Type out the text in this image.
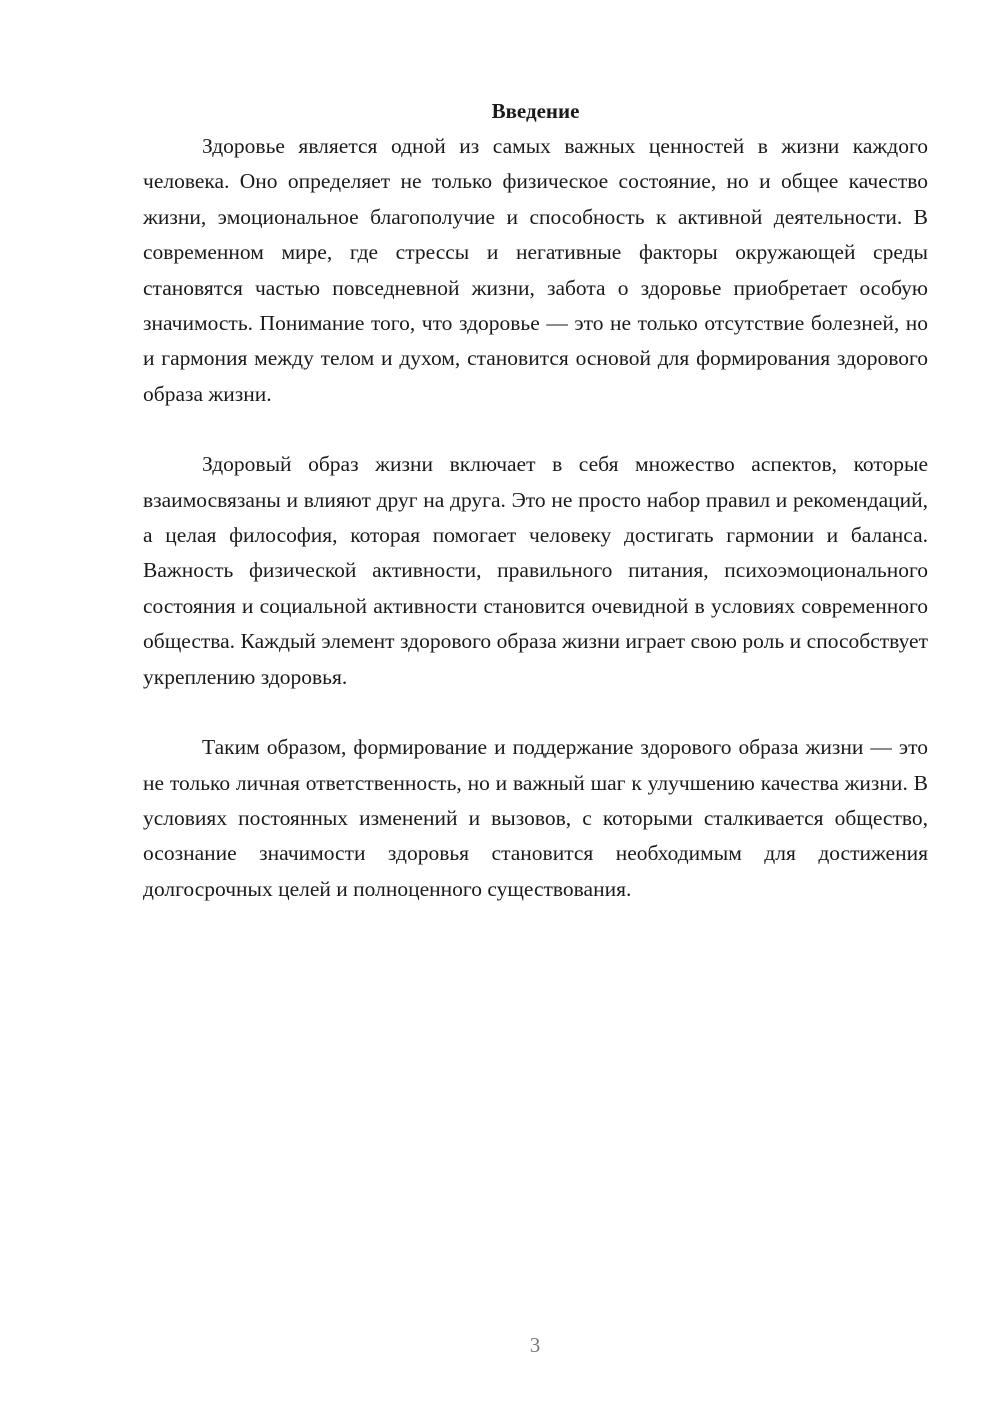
Введение

Здоровье является одной из самых важных ценностей в жизни каждого человека. Оно определяет не только физическое состояние, но и общее качество жизни, эмоциональное благополучие и способность к активной деятельности. В современном мире, где стрессы и негативные факторы окружающей среды становятся частью повседневной жизни, забота о здоровье приобретает особую значимость. Понимание того, что здоровье — это не только отсутствие болезней, но и гармония между телом и духом, становится основой для формирования здорового образа жизни.

Здоровый образ жизни включает в себя множество аспектов, которые взаимосвязаны и влияют друг на друга. Это не просто набор правил и рекомендаций, а целая философия, которая помогает человеку достигать гармонии и баланса. Важность физической активности, правильного питания, психоэмоционального состояния и социальной активности становится очевидной в условиях современного общества. Каждый элемент здорового образа жизни играет свою роль и способствует укреплению здоровья.

Таким образом, формирование и поддержание здорового образа жизни — это не только личная ответственность, но и важный шаг к улучшению качества жизни. В условиях постоянных изменений и вызовов, с которыми сталкивается общество, осознание значимости здоровья становится необходимым для достижения долгосрочных целей и полноценного существования.

3
